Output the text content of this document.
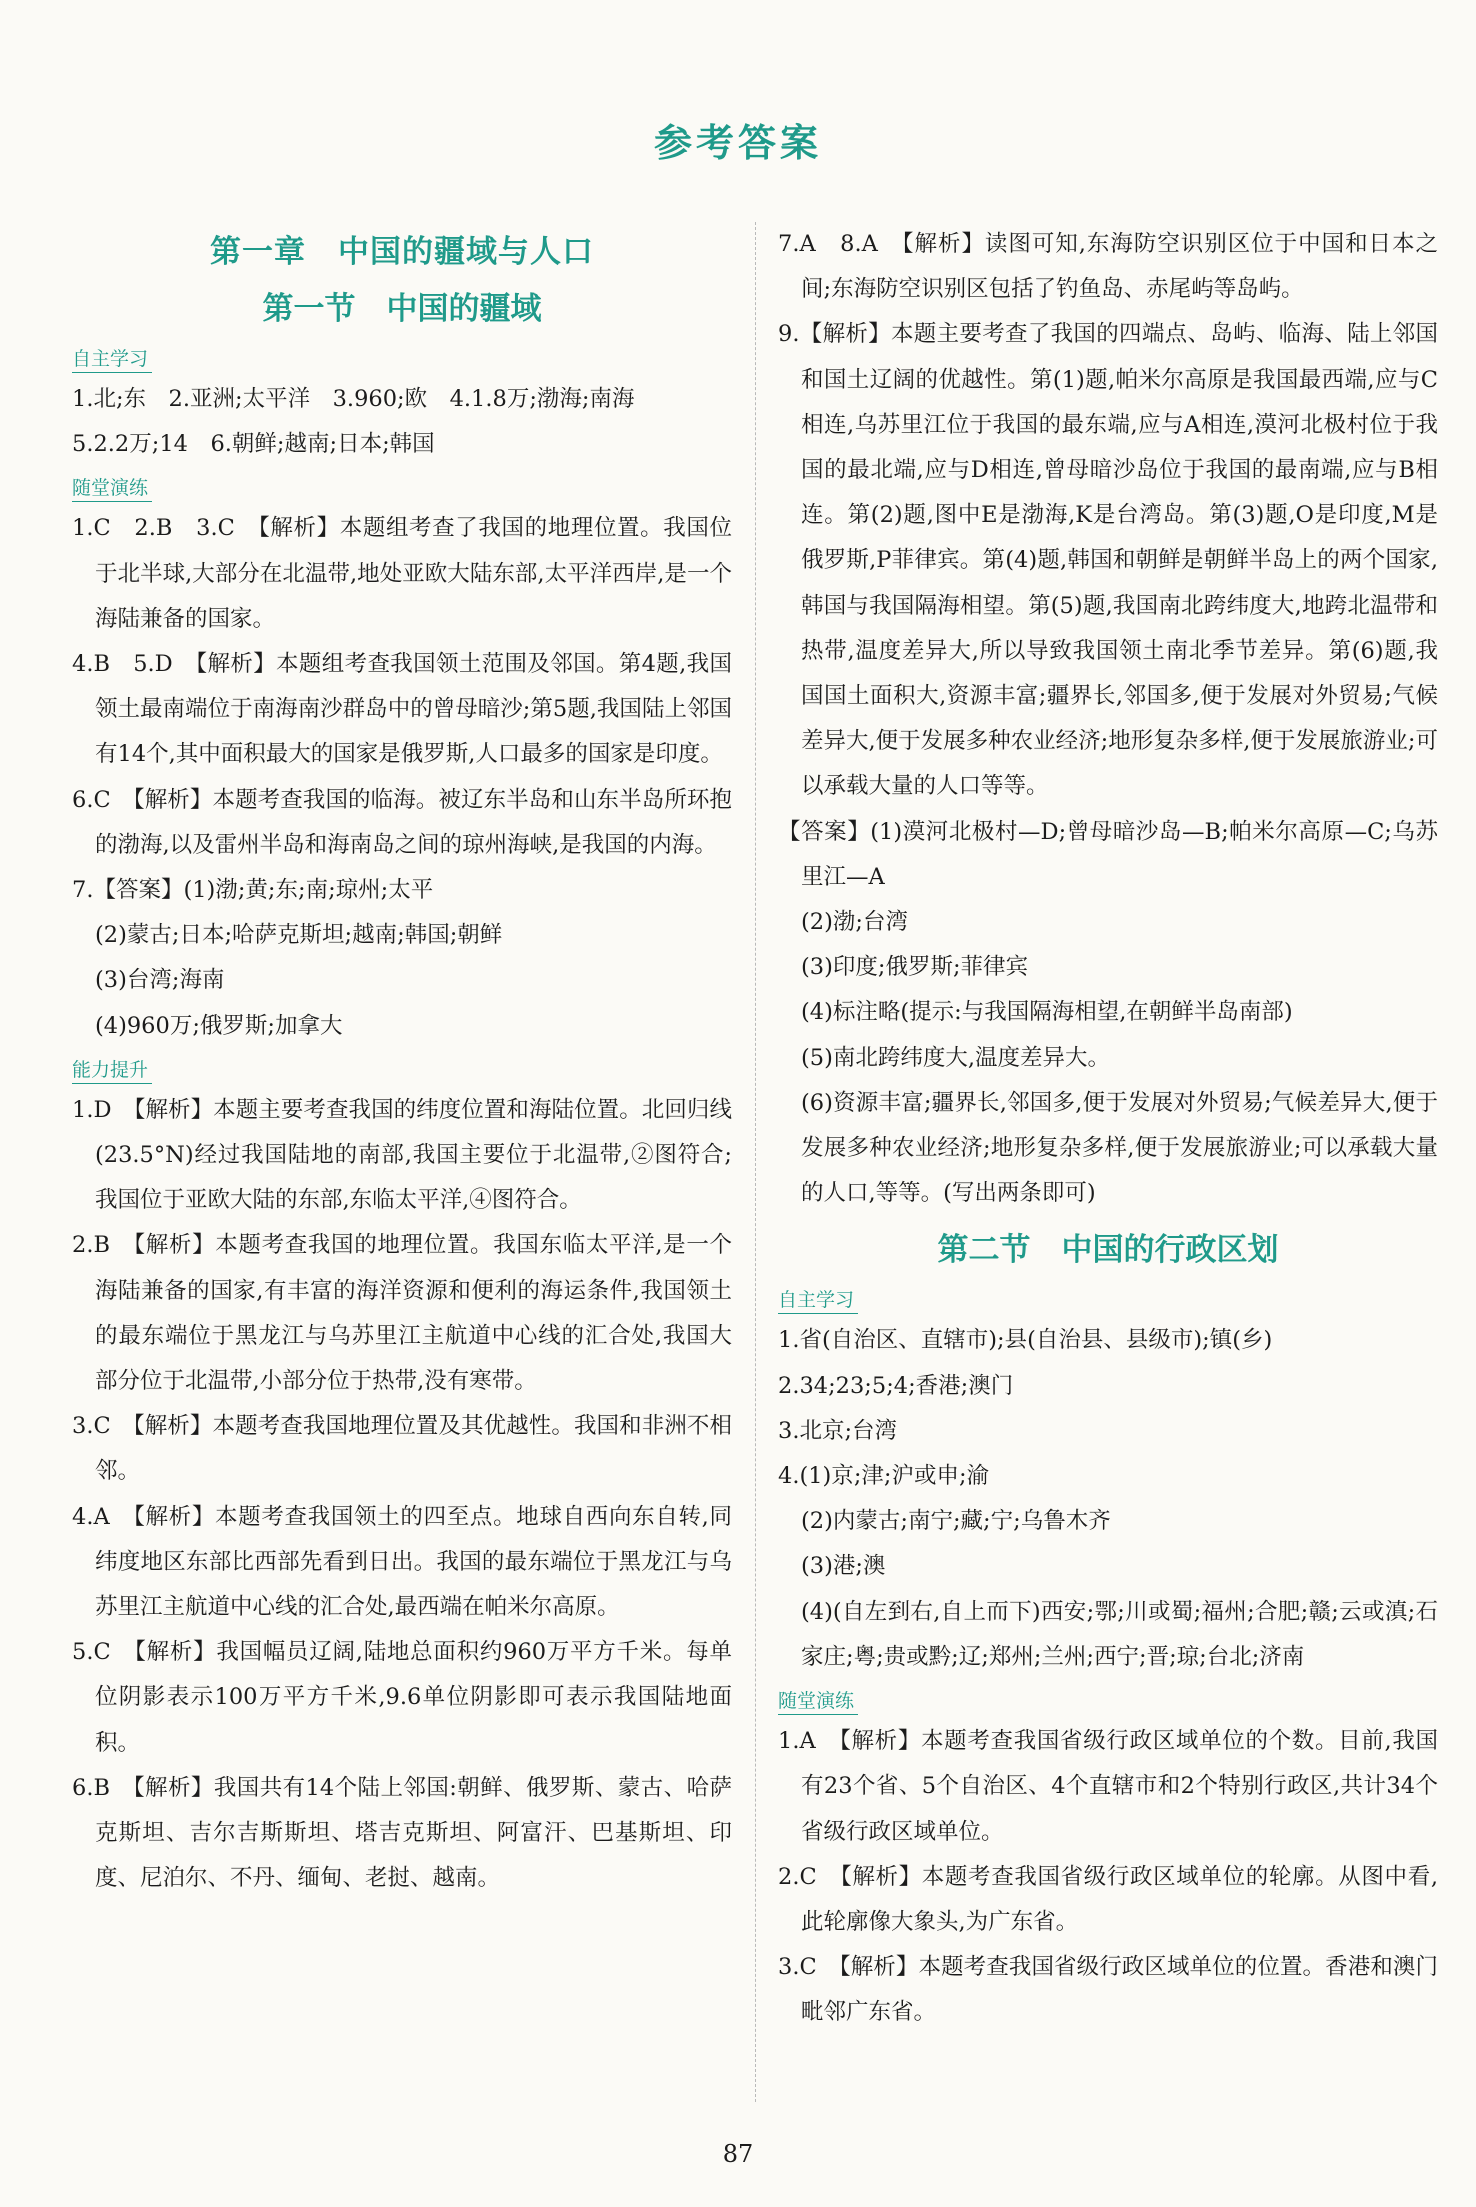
参考答案
第一章　中国的疆域与人口
第一节　中国的疆域
自主学习

1.北;东　2.亚洲;太平洋　3.960;欧　4.1.8万;渤海;南海

5.2.2万;14　6.朝鲜;越南;日本;韩国

随堂演练

1.C　2.B　3.C　【解析】本题组考查了我国的地理位置。我国位于北半球,大部分在北温带,地处亚欧大陆东部,太平洋西岸,是一个海陆兼备的国家。

4.B　5.D　【解析】本题组考查我国领土范围及邻国。第4题,我国领土最南端位于南海南沙群岛中的曾母暗沙;第5题,我国陆上邻国有14个,其中面积最大的国家是俄罗斯,人口最多的国家是印度。

6.C　【解析】本题考查我国的临海。被辽东半岛和山东半岛所环抱的渤海,以及雷州半岛和海南岛之间的琼州海峡,是我国的内海。

7.【答案】(1)渤;黄;东;南;琼州;太平

(2)蒙古;日本;哈萨克斯坦;越南;韩国;朝鲜

(3)台湾;海南

(4)960万;俄罗斯;加拿大

能力提升

1.D　【解析】本题主要考查我国的纬度位置和海陆位置。北回归线(23.5°N)经过我国陆地的南部,我国主要位于北温带,②图符合;我国位于亚欧大陆的东部,东临太平洋,④图符合。

2.B　【解析】本题考查我国的地理位置。我国东临太平洋,是一个海陆兼备的国家,有丰富的海洋资源和便利的海运条件,我国领土的最东端位于黑龙江与乌苏里江主航道中心线的汇合处,我国大部分位于北温带,小部分位于热带,没有寒带。

3.C　【解析】本题考查我国地理位置及其优越性。我国和非洲不相邻。

4.A　【解析】本题考查我国领土的四至点。地球自西向东自转,同纬度地区东部比西部先看到日出。我国的最东端位于黑龙江与乌苏里江主航道中心线的汇合处,最西端在帕米尔高原。

5.C　【解析】我国幅员辽阔,陆地总面积约960万平方千米。每单位阴影表示100万平方千米,9.6单位阴影即可表示我国陆地面积。

6.B　【解析】我国共有14个陆上邻国:朝鲜、俄罗斯、蒙古、哈萨克斯坦、吉尔吉斯斯坦、塔吉克斯坦、阿富汗、巴基斯坦、印度、尼泊尔、不丹、缅甸、老挝、越南。

7.A　8.A　【解析】读图可知,东海防空识别区位于中国和日本之间;东海防空识别区包括了钓鱼岛、赤尾屿等岛屿。

9.【解析】本题主要考查了我国的四端点、岛屿、临海、陆上邻国和国土辽阔的优越性。第(1)题,帕米尔高原是我国最西端,应与C相连,乌苏里江位于我国的最东端,应与A相连,漠河北极村位于我国的最北端,应与D相连,曾母暗沙岛位于我国的最南端,应与B相连。第(2)题,图中E是渤海,K是台湾岛。第(3)题,O是印度,M是俄罗斯,P菲律宾。第(4)题,韩国和朝鲜是朝鲜半岛上的两个国家,韩国与我国隔海相望。第(5)题,我国南北跨纬度大,地跨北温带和热带,温度差异大,所以导致我国领土南北季节差异。第(6)题,我国国土面积大,资源丰富;疆界长,邻国多,便于发展对外贸易;气候差异大,便于发展多种农业经济;地形复杂多样,便于发展旅游业;可以承载大量的人口等等。

【答案】(1)漠河北极村—D;曾母暗沙岛—B;帕米尔高原—C;乌苏里江—A

(2)渤;台湾

(3)印度;俄罗斯;菲律宾

(4)标注略(提示:与我国隔海相望,在朝鲜半岛南部)

(5)南北跨纬度大,温度差异大。

(6)资源丰富;疆界长,邻国多,便于发展对外贸易;气候差异大,便于发展多种农业经济;地形复杂多样,便于发展旅游业;可以承载大量的人口,等等。(写出两条即可)

第二节　中国的行政区划
自主学习

1.省(自治区、直辖市);县(自治县、县级市);镇(乡)

2.34;23;5;4;香港;澳门

3.北京;台湾

4.(1)京;津;沪或申;渝

(2)内蒙古;南宁;藏;宁;乌鲁木齐

(3)港;澳

(4)(自左到右,自上而下)西安;鄂;川或蜀;福州;合肥;赣;云或滇;石家庄;粤;贵或黔;辽;郑州;兰州;西宁;晋;琼;台北;济南

随堂演练

1.A　【解析】本题考查我国省级行政区域单位的个数。目前,我国有23个省、5个自治区、4个直辖市和2个特别行政区,共计34个省级行政区域单位。

2.C　【解析】本题考查我国省级行政区域单位的轮廓。从图中看,此轮廓像大象头,为广东省。

3.C　【解析】本题考查我国省级行政区域单位的位置。香港和澳门毗邻广东省。

87
